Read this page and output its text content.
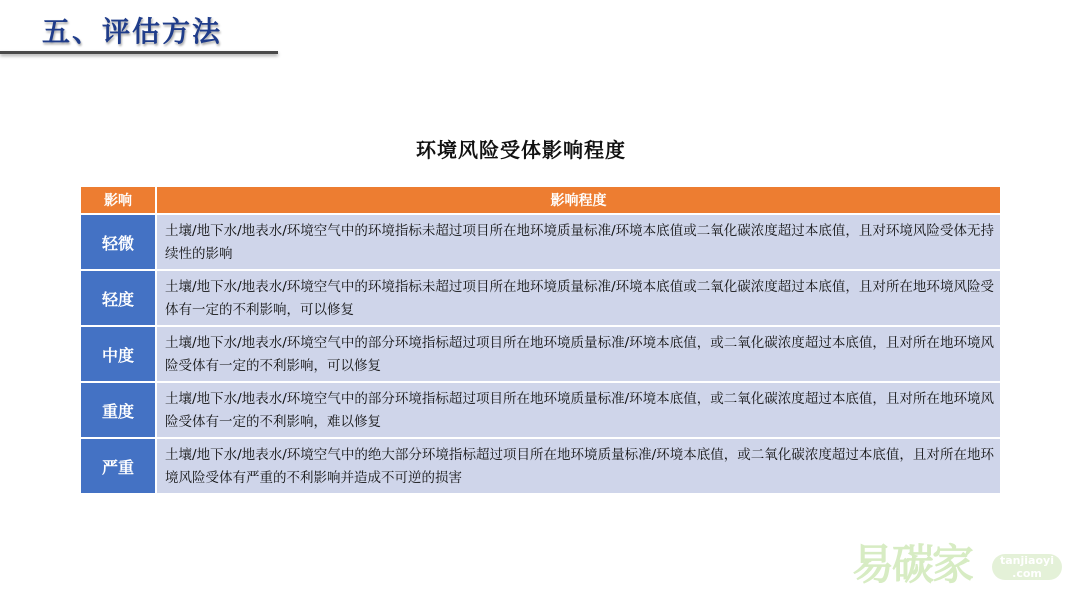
五、评估方法
环境风险受体影响程度
影响	影响程度
轻微	土壤/地下水/地表水/环境空气中的环境指标未超过项目所在地环境质量标准/环境本底值或二氧化碳浓度超过本底值，且对环境风险受体无持续性的影响
轻度	土壤/地下水/地表水/环境空气中的环境指标未超过项目所在地环境质量标准/环境本底值或二氧化碳浓度超过本底值，且对所在地环境风险受体有一定的不利影响，可以修复
中度	土壤/地下水/地表水/环境空气中的部分环境指标超过项目所在地环境质量标准/环境本底值，或二氧化碳浓度超过本底值，且对所在地环境风险受体有一定的不利影响，可以修复
重度	土壤/地下水/地表水/环境空气中的部分环境指标超过项目所在地环境质量标准/环境本底值，或二氧化碳浓度超过本底值，且对所在地环境风险受体有一定的不利影响，难以修复
严重	土壤/地下水/地表水/环境空气中的绝大部分环境指标超过项目所在地环境质量标准/环境本底值，或二氧化碳浓度超过本底值，且对所在地环境风险受体有严重的不利影响并造成不可逆的损害
易碳家	tanjiaoyi
.com
